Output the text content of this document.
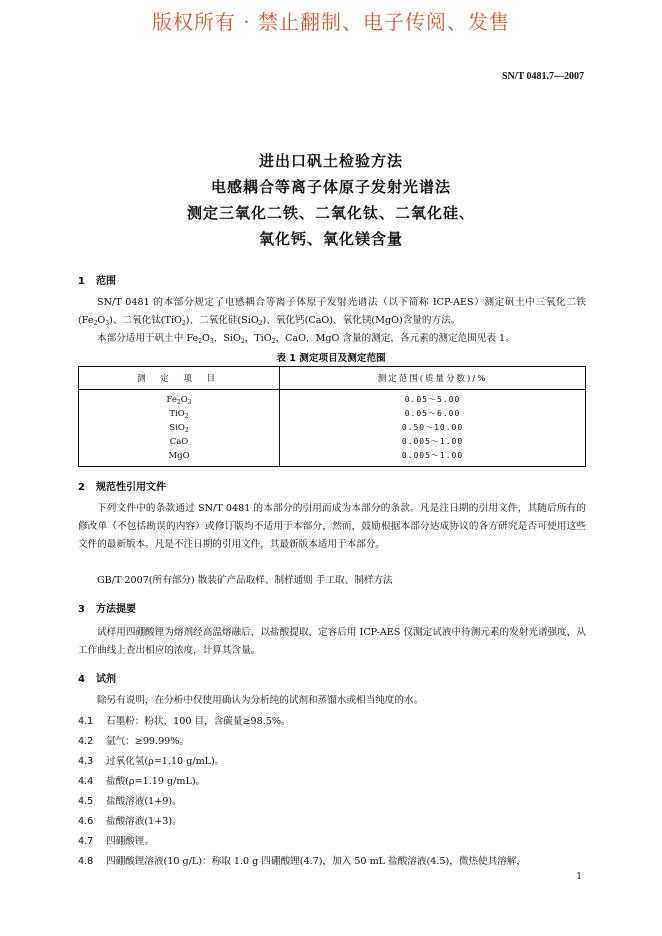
版权所有 · 禁止翻制、电子传阅、发售
SN/T 0481.7—2007
进出口矾土检验方法
电感耦合等离子体原子发射光谱法
测定三氧化二铁、二氧化钛、二氧化硅、
氧化钙、氧化镁含量
1 范围
SN/T 0481 的本部分规定了电感耦合等离子体原子发射光谱法（以下简称 ICP-AES）测定矾土中三氧化二铁$(Fe_2O_3)$、二氧化钛(TiO$_2$)、二氧化硅(SiO$_2$)、氧化钙(CaO)、氧化镁(MgO)含量的方法。
本部分适用于矾土中 $Fe_2O_3$，SiO$_2$，TiO$_2$，CaO，MgO 含量的测定，各元素的测定范围见表 1。
表 1 测定项目及测定范围
测 定 项 目	测定范围(质量分数)/%
$Fe_2O_3$	0.05～5.00
TiO$_2$	0.05～6.00
SiO$_2$	0.50～10.00
CaO	0.005～1.00
MgO	0.005～1.00
2 规范性引用文件
下列文件中的条款通过 SN/T 0481 的本部分的引用而成为本部分的条款。凡是注日期的引用文件，其随后所有的修改单（不包括勘误的内容）或修订版均不适用于本部分，然而，鼓励根据本部分达成协议的各方研究是否可使用这些文件的最新版本。凡是不注日期的引用文件，其最新版本适用于本部分。
GB/T 2007(所有部分) 散装矿产品取样、制样通则 手工取、制样方法
3 方法提要
试样用四硼酸锂为熔剂经高温熔融后，以盐酸提取，定容后用 ICP-AES 仪测定试液中待测元素的发射光谱强度，从工作曲线上查出相应的浓度，计算其含量。
4 试剂
除另有说明，在分析中仅使用确认为分析纯的试剂和蒸馏水或相当纯度的水。
4.1 石墨粉：粉状，100 目，含碳量≥98.5%。
4.2 氩气：≥99.99%。
4.3 过氧化氢(ρ=1.10 g/mL)。
4.4 盐酸(ρ=1.19 g/mL)。
4.5 盐酸溶液(1+9)。
4.6 盐酸溶液(1+3)。
4.7 四硼酸锂。
4.8 四硼酸锂溶液(10 g/L)：称取 1.0 g 四硼酸锂(4.7)，加入 50 mL 盐酸溶液(4.5)，微热使其溶解，
1
